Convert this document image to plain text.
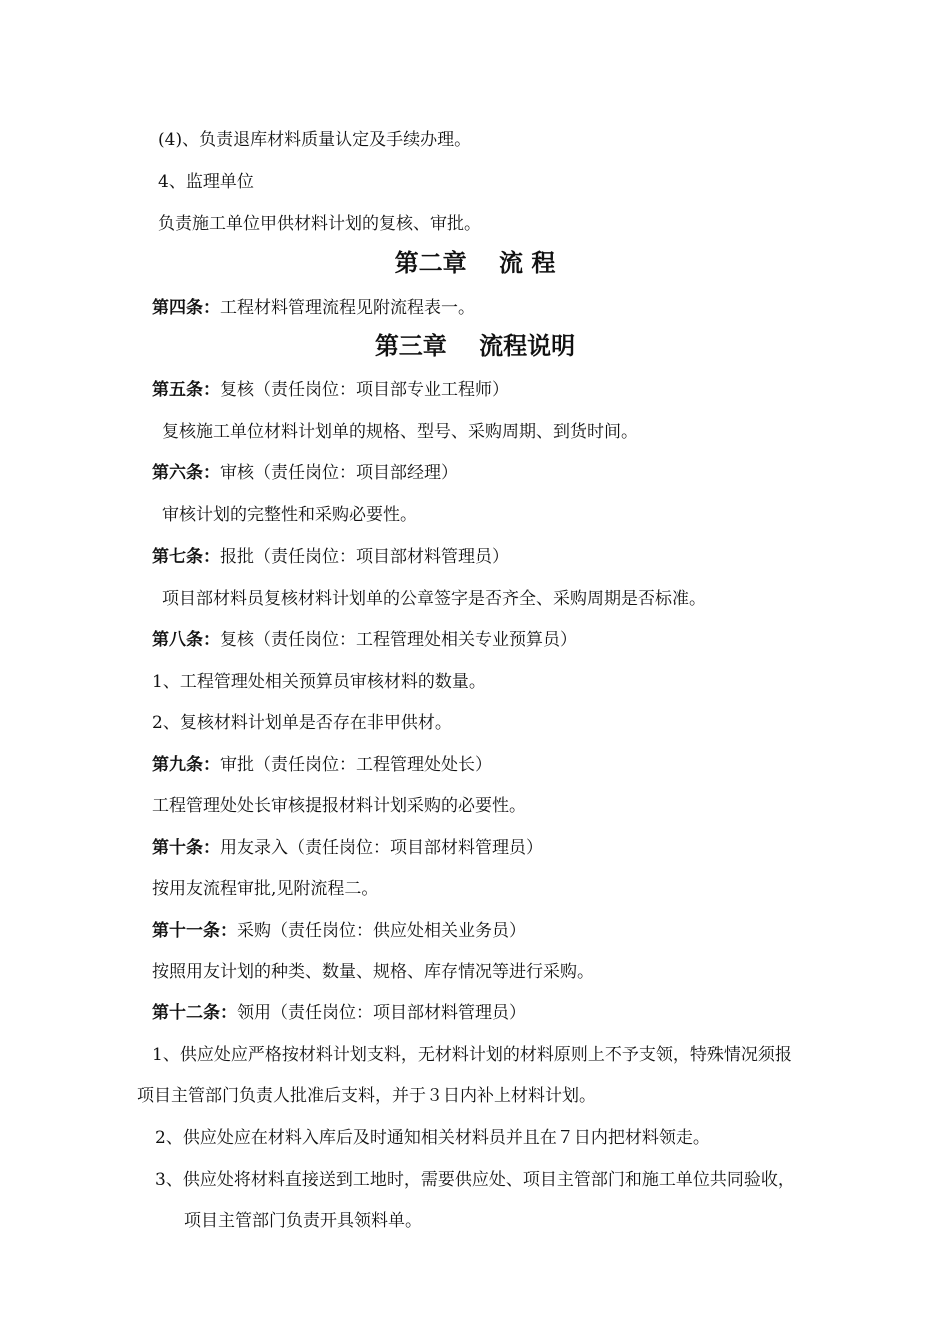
(4)、负责退库材料质量认定及手续办理。
4、监理单位
负责施工单位甲供材料计划的复核、审批。
第二章　 流 程
第四条：工程材料管理流程见附流程表一。
第三章　 流程说明
第五条：复核（责任岗位：项目部专业工程师）
复核施工单位材料计划单的规格、型号、采购周期、到货时间。
第六条：审核（责任岗位：项目部经理）
审核计划的完整性和采购必要性。
第七条：报批（责任岗位：项目部材料管理员）
项目部材料员复核材料计划单的公章签字是否齐全、采购周期是否标准。
第八条：复核（责任岗位：工程管理处相关专业预算员）
1、工程管理处相关预算员审核材料的数量。
2、复核材料计划单是否存在非甲供材。
第九条：审批（责任岗位：工程管理处处长）
工程管理处处长审核提报材料计划采购的必要性。
第十条：用友录入（责任岗位：项目部材料管理员）
按用友流程审批,见附流程二。
第十一条：采购（责任岗位：供应处相关业务员）
按照用友计划的种类、数量、规格、库存情况等进行采购。
第十二条：领用（责任岗位：项目部材料管理员）
1、供应处应严格按材料计划支料，无材料计划的材料原则上不予支领，特殊情况须报
项目主管部门负责人批准后支料，并于３日内补上材料计划。
2、供应处应在材料入库后及时通知相关材料员并且在７日内把材料领走。
3、供应处将材料直接送到工地时，需要供应处、项目主管部门和施工单位共同验收，
项目主管部门负责开具领料单。
